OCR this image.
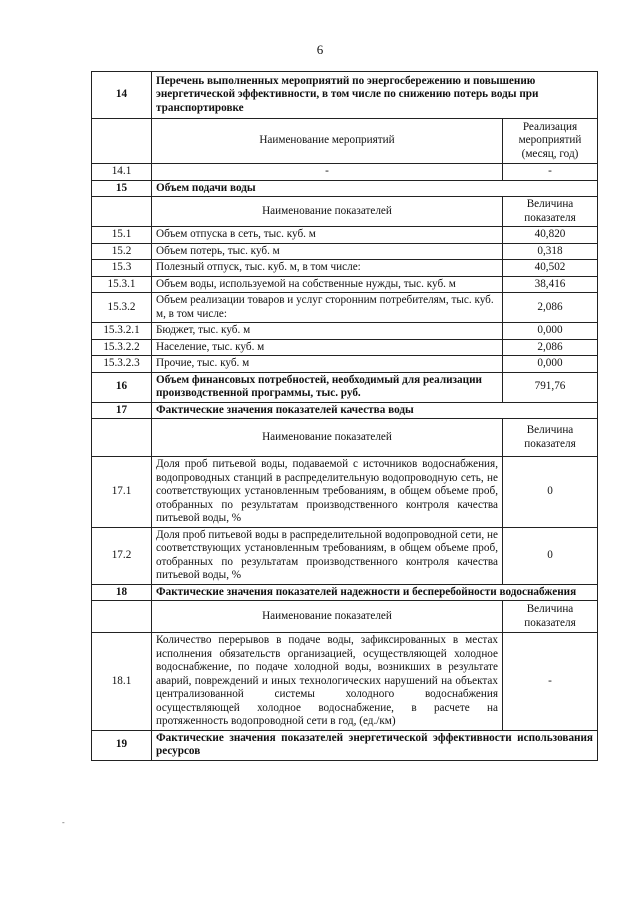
6
-
14	Перечень выполненных мероприятий по энергосбережению и повышению энергетической эффективности, в том числе по снижению потерь воды при транспортировке	
	Наименование мероприятий	Реализация мероприятий (месяц, год)
14.1	-	-
15	Объем подачи воды	
	Наименование показателей	Величина показателя
15.1	Объем отпуска в сеть, тыс. куб. м	40,820
15.2	Объем потерь, тыс. куб. м	0,318
15.3	Полезный отпуск, тыс. куб. м, в том числе:	40,502
15.3.1	Объем воды, используемой на собственные нужды, тыс. куб. м	38,416
15.3.2	Объем реализации товаров и услуг сторонним потребителям, тыс. куб. м, в том числе:	2,086
15.3.2.1	Бюджет, тыс. куб. м	0,000
15.3.2.2	Население, тыс. куб. м	2,086
15.3.2.3	Прочие, тыс. куб. м	0,000
16	Объем финансовых потребностей, необходимый для реализации производственной программы, тыс. руб.	791,76
17	Фактические значения показателей качества воды	
	Наименование показателей	Величина показателя
17.1	Доля проб питьевой воды, подаваемой с источников водоснабжения, водопроводных станций в распределительную водопроводную сеть, не соответствующих установленным требованиям, в общем объеме проб, отобранных по результатам производственного контроля качества питьевой воды, %	0
17.2	Доля проб питьевой воды в распределительной водопроводной сети, не соответствующих установленным требованиям, в общем объеме проб, отобранных по результатам производственного контроля качества питьевой воды, %	0
18	Фактические значения показателей надежности и бесперебойности водоснабжения	
	Наименование показателей	Величина показателя
18.1	Количество перерывов в подаче воды, зафиксированных в местах исполнения обязательств организацией, осуществляющей холодное водоснабжение, по подаче холодной воды, возникших в результате аварий, повреждений и иных технологических нарушений на объектах централизованной системы холодного водоснабжения осуществляющей холодное водоснабжение, в расчете на протяженность водопроводной сети в год, (ед./км)	-
19	Фактические значения показателей энергетической эффективности использования ресурсов	
